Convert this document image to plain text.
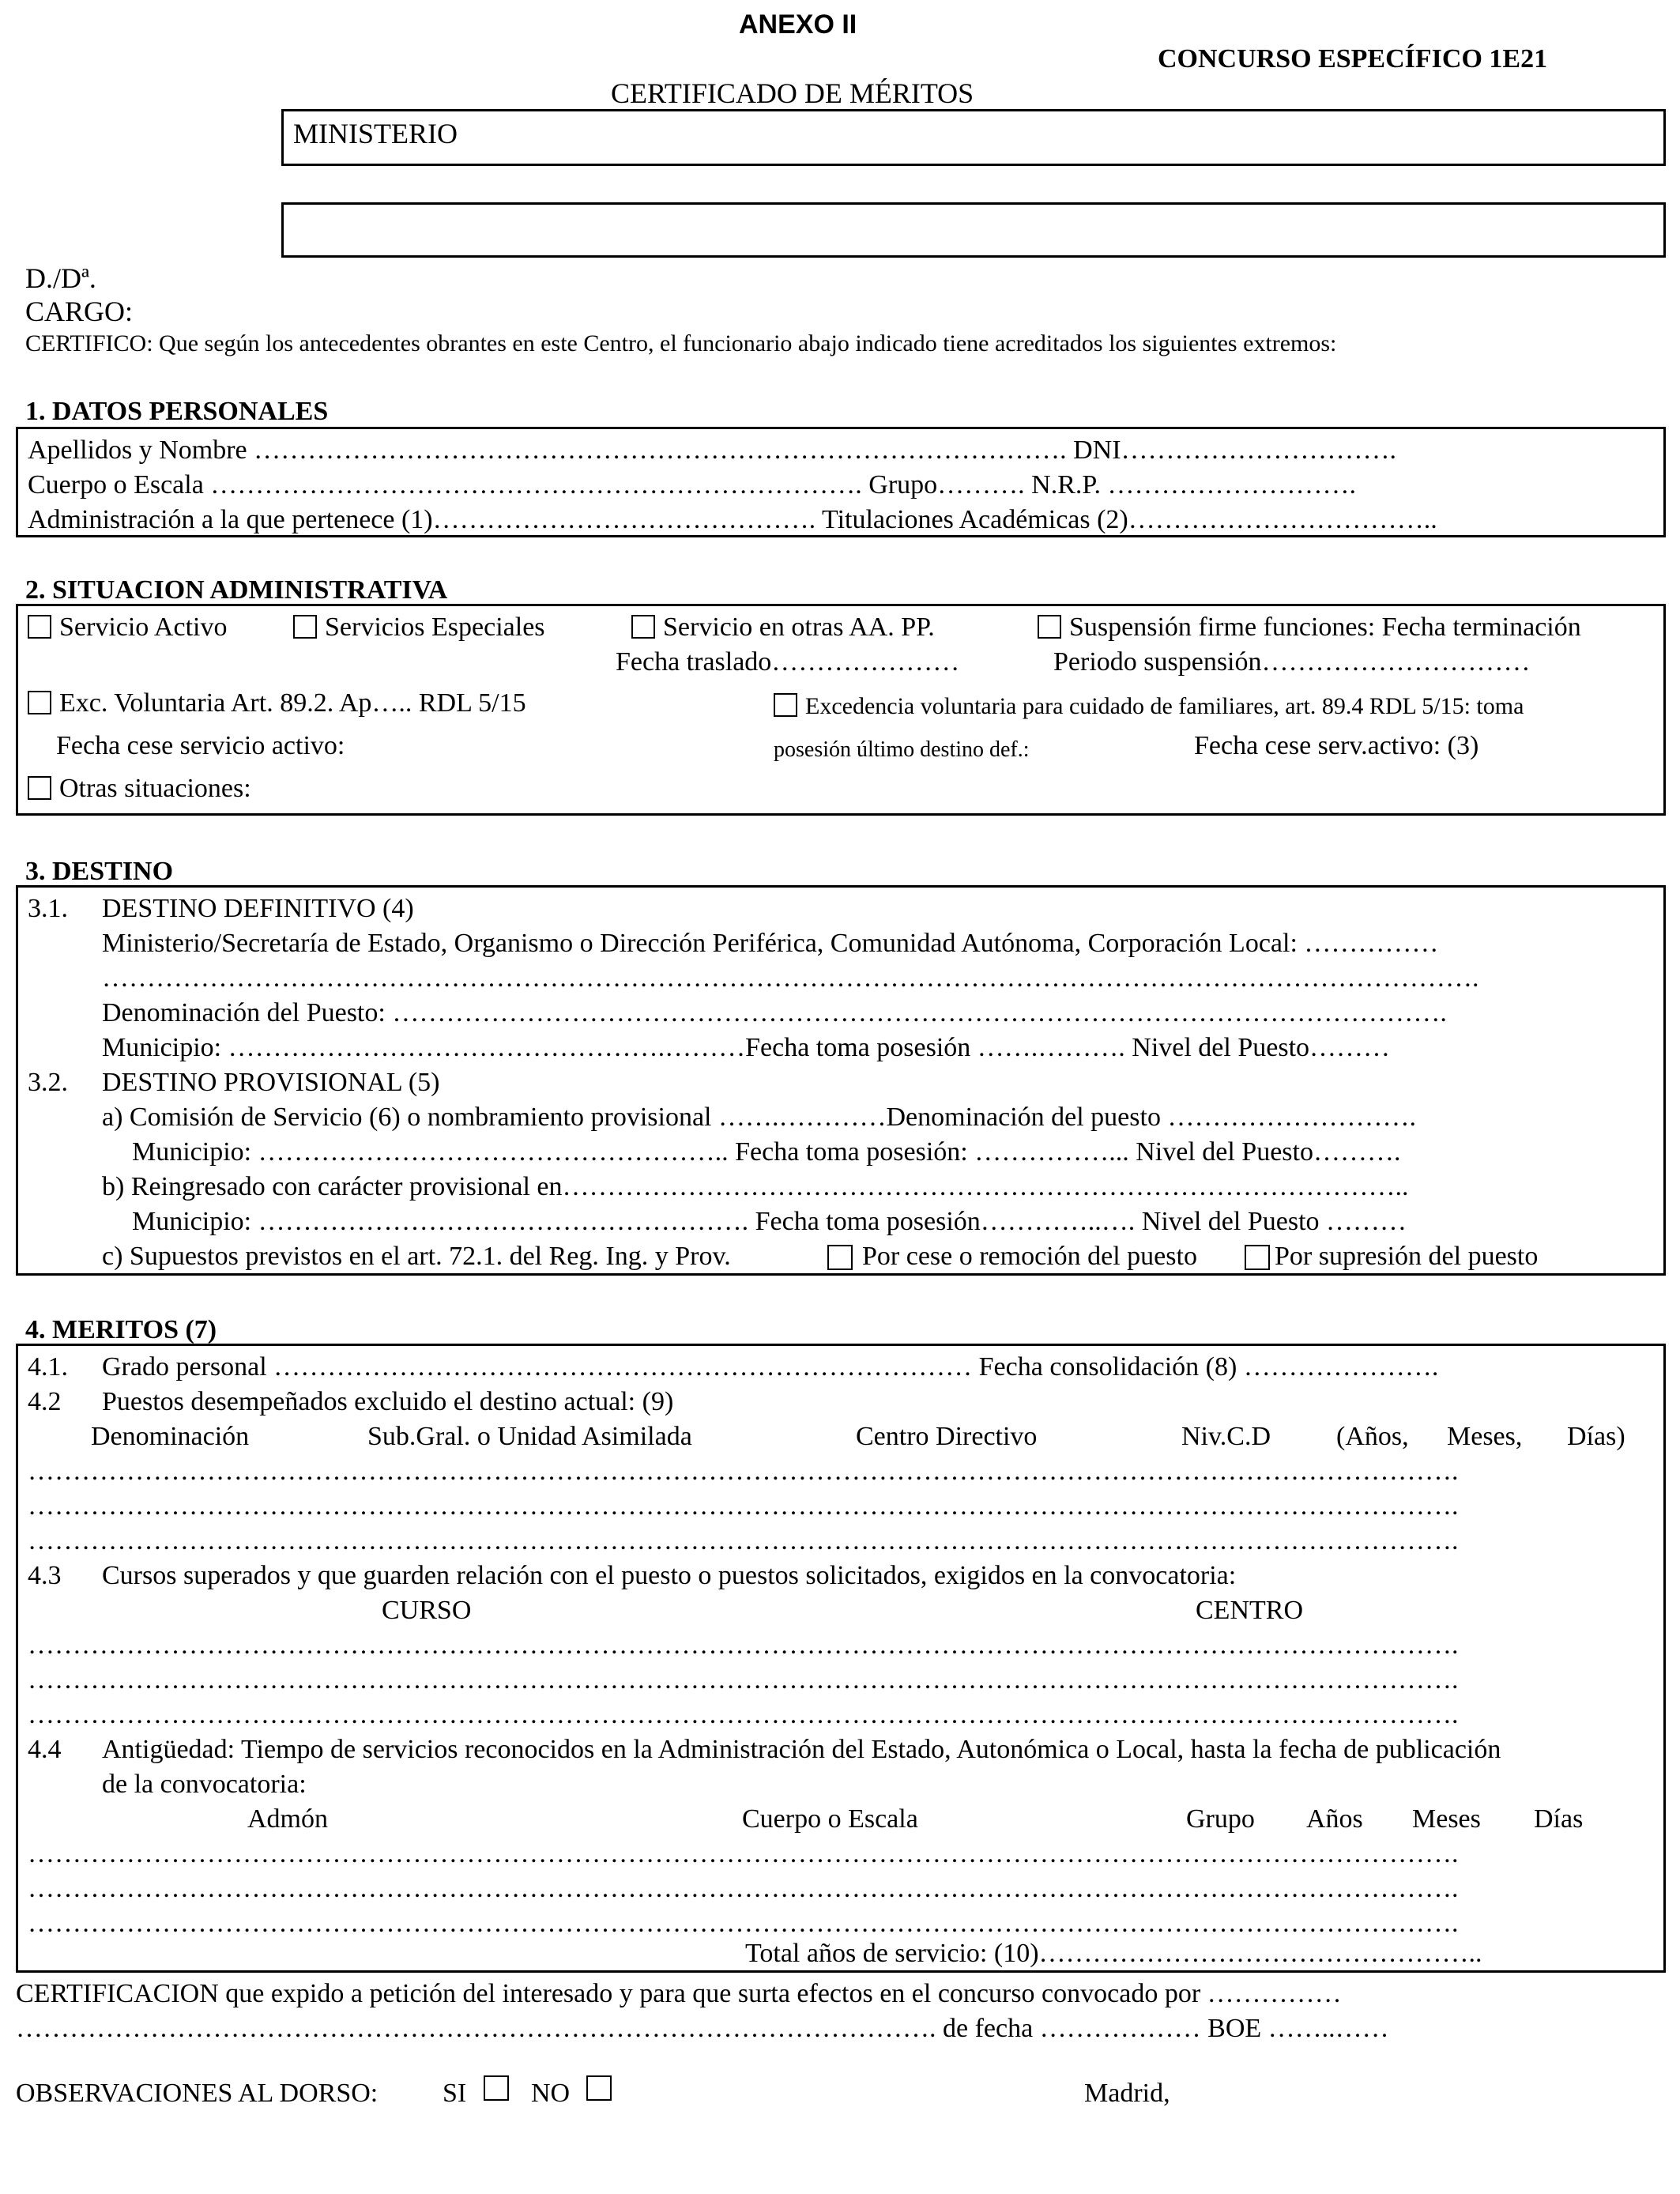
ANEXO II
CONCURSO ESPECÍFICO 1E21
CERTIFICADO DE MÉRITOS
MINISTERIO
D./Dª.
CARGO:
CERTIFICO: Que según los antecedentes obrantes en este Centro, el funcionario abajo indicado tiene acreditados los siguientes extremos:
1. DATOS PERSONALES
Apellidos y Nombre ………………………………………………………………………………. DNI………………………….
Cuerpo o Escala ………………………………………………………………. Grupo………. N.R.P. ……………………….
Administración a la que pertenece (1)……………………………………. Titulaciones Académicas (2)……………………………..
2. SITUACION ADMINISTRATIVA
Servicio Activo	Servicios Especiales	Servicio en otras AA. PP.	Suspensión firme funciones: Fecha terminación
Fecha traslado…………………	Periodo suspensión…………………………
Exc. Voluntaria Art. 89.2. Ap….. RDL 5/15	Excedencia voluntaria para cuidado de familiares, art. 89.4 RDL 5/15: toma
Fecha cese servicio activo:	posesión último destino def.:	Fecha cese serv.activo: (3)
Otras situaciones:
3. DESTINO
3.1. DESTINO DEFINITIVO (4)
Ministerio/Secretaría de Estado, Organismo o Dirección Periférica, Comunidad Autónoma, Corporación Local: ……………
……………………………………………………………………………………………………………………………………….
Denominación del Puesto: ……………………………………………………………………………………………………….
Municipio: ………………………………………….………Fecha toma posesión …….………. Nivel del Puesto………
3.2. DESTINO PROVISIONAL (5)
a) Comisión de Servicio (6) o nombramiento provisional …….…………Denominación del puesto ……………………….
Municipio: …………………………………………….. Fecha toma posesión: ……………... Nivel del Puesto……….
b) Reingresado con carácter provisional en…………………………………………………………………………………..
Municipio: ………………………………………………. Fecha toma posesión…………..…. Nivel del Puesto ………
c) Supuestos previstos en el art. 72.1. del Reg. Ing. y Prov.	Por cese o remoción del puesto	Por supresión del puesto
4. MERITOS (7)
4.1. Grado personal …………………………………………………………………… Fecha consolidación (8) ………………….
4.2 Puestos desempeñados excluido el destino actual: (9)
Denominación	Sub.Gral. o Unidad Asimilada	Centro Directivo	Niv.C.D (Años, Meses, Días)
…………………………………………………………………………………………………………………………………………….
…………………………………………………………………………………………………………………………………………….
…………………………………………………………………………………………………………………………………………….
4.3 Cursos superados y que guarden relación con el puesto o puestos solicitados, exigidos en la convocatoria:
CURSO	CENTRO
…………………………………………………………………………………………………………………………………………….
…………………………………………………………………………………………………………………………………………….
…………………………………………………………………………………………………………………………………………….
4.4 Antigüedad: Tiempo de servicios reconocidos en la Administración del Estado, Autonómica o Local, hasta la fecha de publicación
de la convocatoria:
Admón	Cuerpo o Escala	Grupo Años Meses Días
…………………………………………………………………………………………………………………………………………….
…………………………………………………………………………………………………………………………………………….
…………………………………………………………………………………………………………………………………………….
Total años de servicio: (10)…………………………………………..
CERTIFICACION que expido a petición del interesado y para que surta efectos en el concurso convocado por ……………
…………………………………………………………………………………………. de fecha ……………… BOE ……..……
OBSERVACIONES AL DORSO: SI NO	Madrid,
